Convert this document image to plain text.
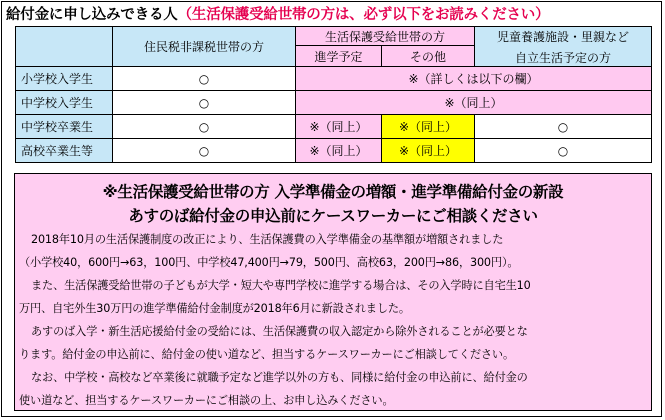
給付金に申し込みできる人（生活保護受給世帯の方は、必ず以下をお読みください）
	住民税非課税世帯の方	生活保護受給世帯の方		児童養護施設・里親など
自立生活予定の方

		進学予定	その他	
小学校入学生	○	※（詳しくは以下の欄）		
中学校入学生	○	※（同上）		
中学校卒業生	○	※（同上）	※（同上）	○
高校卒業生等	○	※（同上）	※（同上）	○
※生活保護受給世帯の方 入学準備金の増額・進学準備給付金の新設
あすのば給付金の申込前にケースワーカーにご相談ください
2018年10月の生活保護制度の改正により、生活保護費の入学準備金の基準額が増額されました
（小学校40，600円→63，100円、中学校47,400円→79，500円、高校63，200円→86，300円）。
また、生活保護受給世帯の子どもが大学・短大や専門学校に進学する場合は、その入学時に自宅生10
万円、自宅外生30万円の進学準備給付金制度が2018年6月に新設されました。
あすのば入学・新生活応援給付金の受給には、生活保護費の収入認定から除外されることが必要とな
ります。給付金の申込前に、給付金の使い道など、担当するケースワーカーにご相談してください。
なお、中学校・高校など卒業後に就職予定など進学以外の方も、同様に給付金の申込前に、給付金の
使い道など、担当するケースワーカーにご相談の上、お申し込みください。
